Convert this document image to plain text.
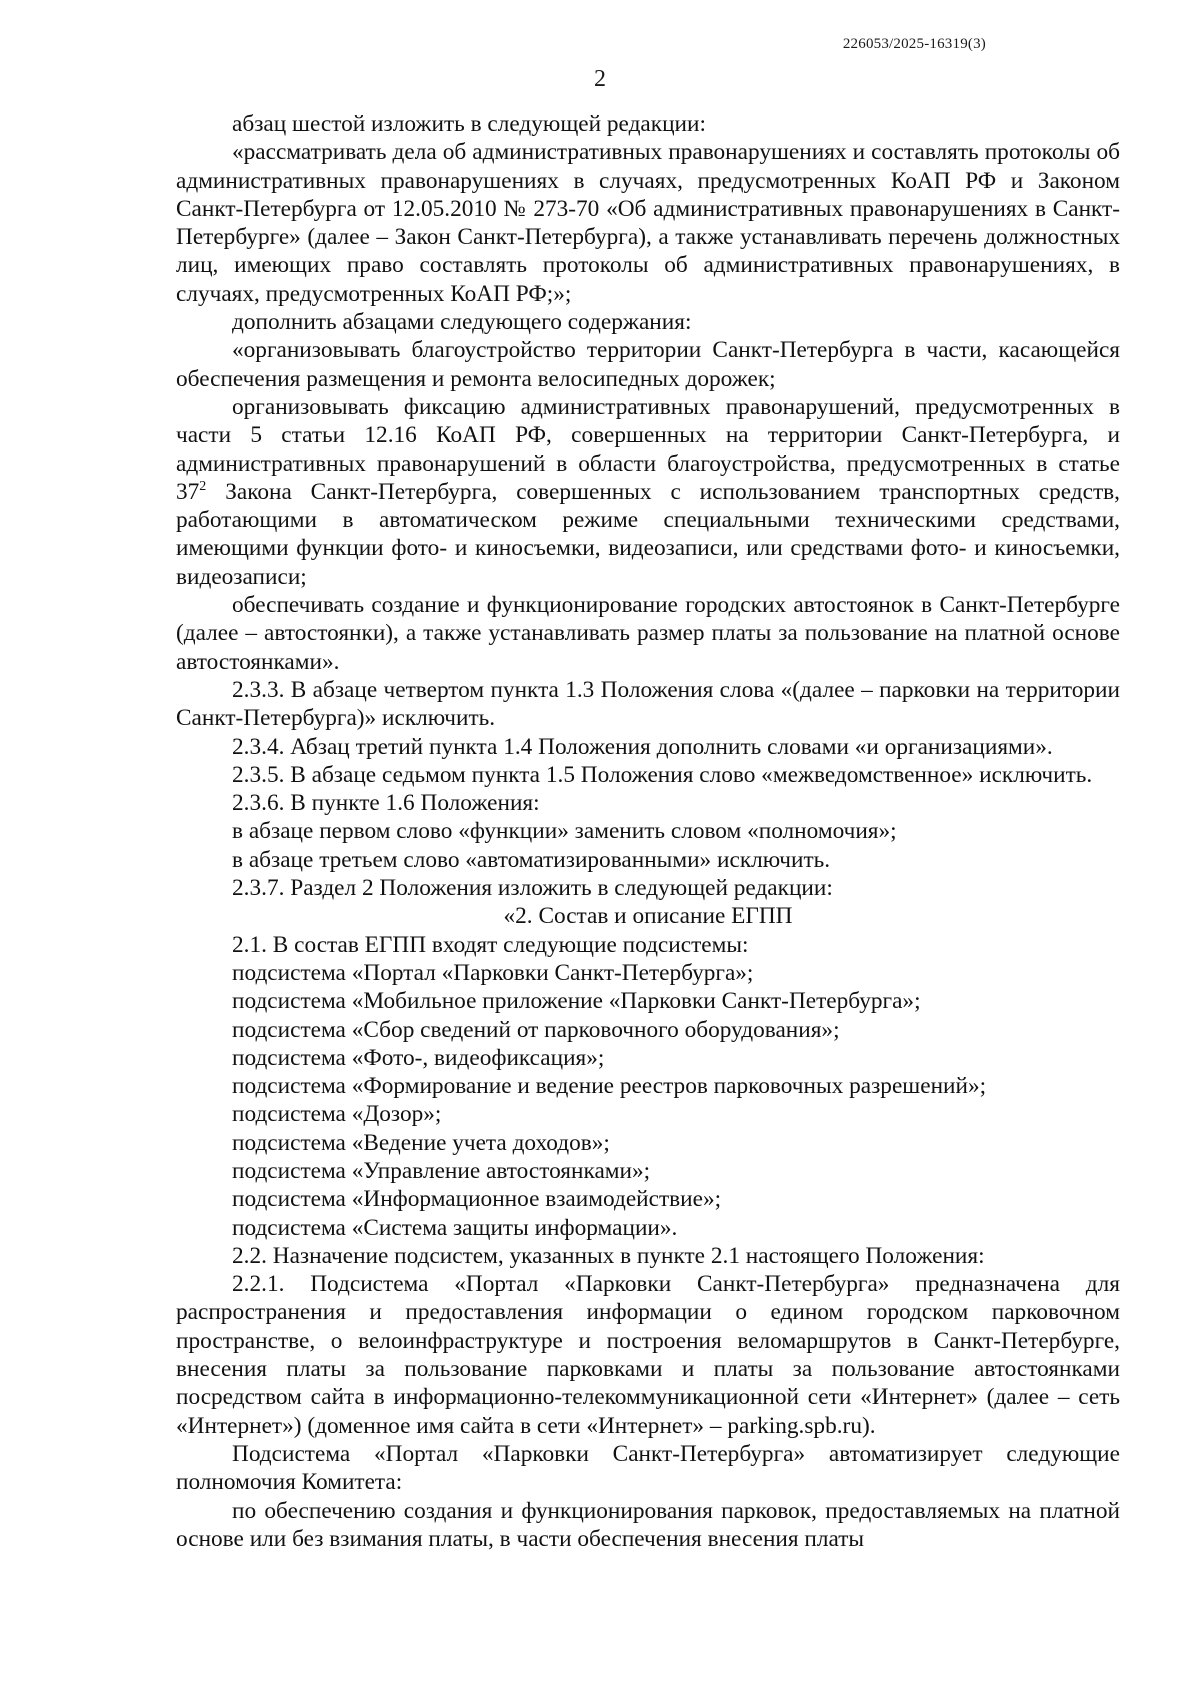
226053/2025-16319(3)
2

абзац шестой изложить в следующей редакции:

«рассматривать дела об административных правонарушениях и составлять протоколы об административных правонарушениях в случаях, предусмотренных КоАП РФ и Законом Санкт-Петербурга от 12.05.2010 № 273-70 «Об административных правонарушениях в Санкт-Петербурге» (далее – Закон Санкт-Петербурга), а также устанавливать перечень должностных лиц, имеющих право составлять протоколы об административных правонарушениях, в случаях, предусмотренных КоАП РФ;»;

дополнить абзацами следующего содержания:

«организовывать благоустройство территории Санкт-Петербурга в части, касающейся обеспечения размещения и ремонта велосипедных дорожек;

организовывать фиксацию административных правонарушений, предусмотренных в части 5 статьи 12.16 КоАП РФ, совершенных на территории Санкт-Петербурга, и административных правонарушений в области благоустройства, предусмотренных в статье $37^2$ Закона Санкт-Петербурга, совершенных с использованием транспортных средств, работающими в автоматическом режиме специальными техническими средствами, имеющими функции фото- и киносъемки, видеозаписи, или средствами фото- и киносъемки, видеозаписи;

обеспечивать создание и функционирование городских автостоянок в Санкт-Петербурге (далее – автостоянки), а также устанавливать размер платы за пользование на платной основе автостоянками».

2.3.3. В абзаце четвертом пункта 1.3 Положения слова «(далее – парковки на территории Санкт-Петербурга)» исключить.

2.3.4. Абзац третий пункта 1.4 Положения дополнить словами «и организациями».

2.3.5. В абзаце седьмом пункта 1.5 Положения слово «межведомственное» исключить.

2.3.6. В пункте 1.6 Положения:

в абзаце первом слово «функции» заменить словом «полномочия»;

в абзаце третьем слово «автоматизированными» исключить.

2.3.7. Раздел 2 Положения изложить в следующей редакции:

«2. Состав и описание ЕГПП

2.1. В состав ЕГПП входят следующие подсистемы:

подсистема «Портал «Парковки Санкт-Петербурга»;

подсистема «Мобильное приложение «Парковки Санкт-Петербурга»;

подсистема «Сбор сведений от парковочного оборудования»;

подсистема «Фото-, видеофиксация»;

подсистема «Формирование и ведение реестров парковочных разрешений»;

подсистема «Дозор»;

подсистема «Ведение учета доходов»;

подсистема «Управление автостоянками»;

подсистема «Информационное взаимодействие»;

подсистема «Система защиты информации».

2.2. Назначение подсистем, указанных в пункте 2.1 настоящего Положения:

2.2.1. Подсистема «Портал «Парковки Санкт-Петербурга» предназначена для распространения и предоставления информации о едином городском парковочном пространстве, о велоинфраструктуре и построения веломаршрутов в Санкт-Петербурге, внесения платы за пользование парковками и платы за пользование автостоянками посредством сайта в информационно-телекоммуникационной сети «Интернет» (далее – сеть «Интернет») (доменное имя сайта в сети «Интернет» – parking.spb.ru).

Подсистема «Портал «Парковки Санкт-Петербурга» автоматизирует следующие полномочия Комитета:

по обеспечению создания и функционирования парковок, предоставляемых на платной основе или без взимания платы, в части обеспечения внесения платы
